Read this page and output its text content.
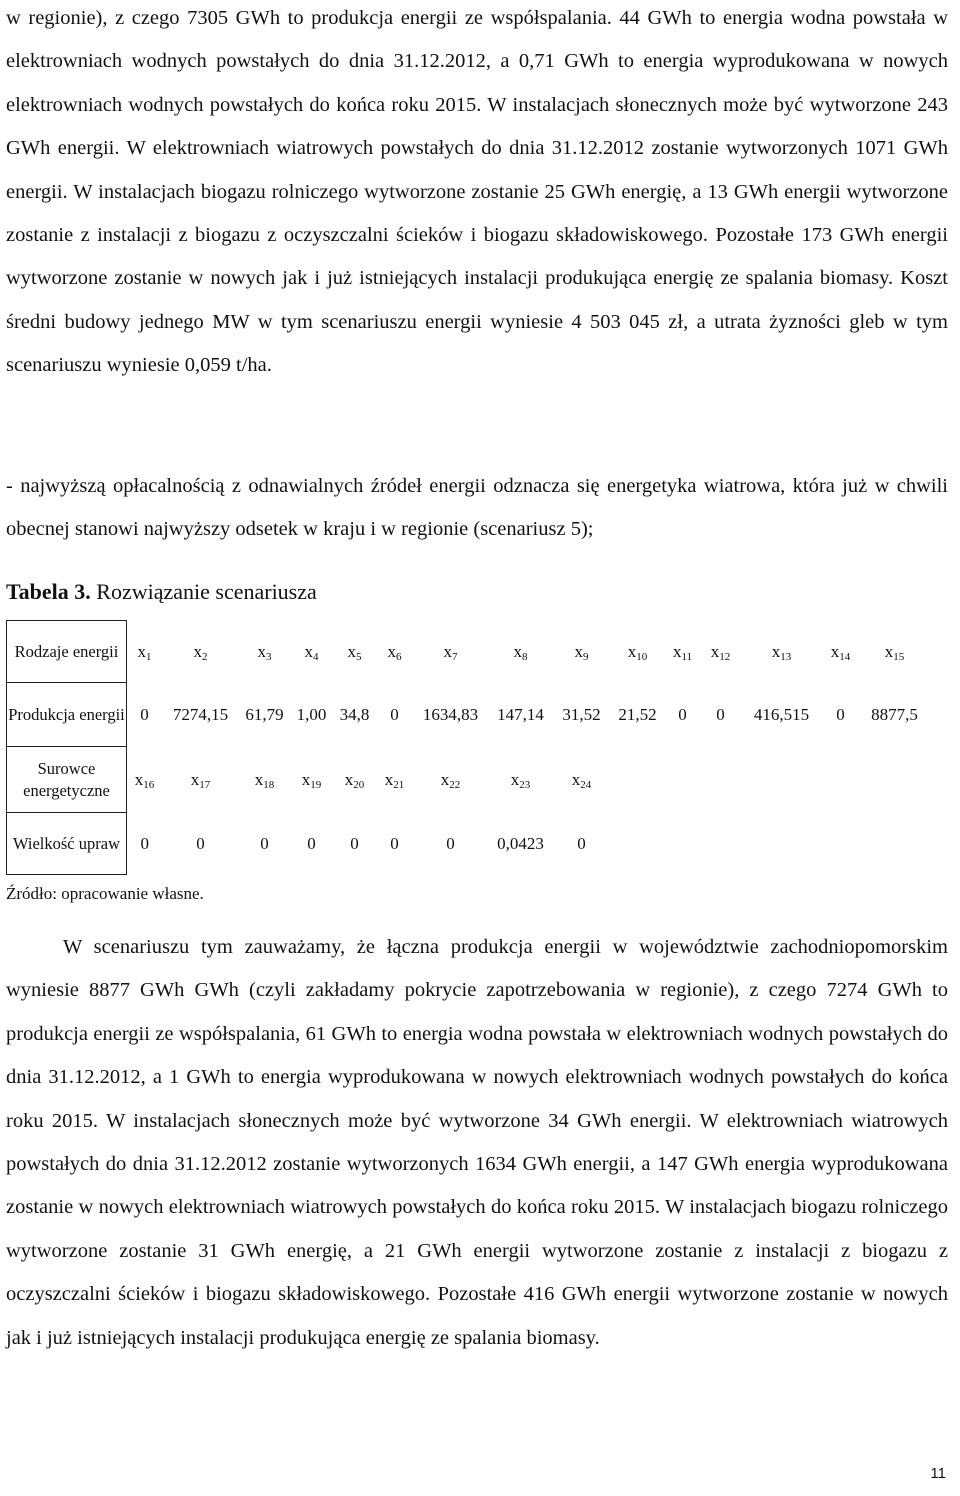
w regionie), z czego 7305 GWh to produkcja energii ze współspalania. 44 GWh to energia wodna powstała w elektrowniach wodnych powstałych do dnia 31.12.2012, a 0,71 GWh to energia wyprodukowana w nowych elektrowniach wodnych powstałych do końca roku 2015. W instalacjach słonecznych może być wytworzone 243 GWh energii. W elektrowniach wiatrowych powstałych do dnia 31.12.2012 zostanie wytworzonych 1071 GWh energii. W instalacjach biogazu rolniczego wytworzone zostanie 25 GWh energię, a 13 GWh energii wytworzone zostanie z instalacji z biogazu z oczyszczalni ścieków i biogazu składowiskowego. Pozostałe 173 GWh energii wytworzone zostanie w nowych jak i już istniejących instalacji produkująca energię ze spalania biomasy. Koszt średni budowy jednego MW w tym scenariuszu energii wyniesie 4 503 045 zł, a utrata żyzności gleb w tym scenariuszu wyniesie 0,059 t/ha.

- najwyższą opłacalnością z odnawialnych źródeł energii odznacza się energetyka wiatrowa, która już w chwili obecnej stanowi najwyższy odsetek w kraju i w regionie (scenariusz 5);

Tabela 3. Rozwiązanie scenariusza

Rodzaje energii	$x_1$	$x_2$	$x_3$	$x_4$	$x_5$	$x_6$	$x_7$	$x_8$	$x_9$	$x_{10}$	$x_{11}$	$x_{12}$	$x_{13}$	$x_{14}$	$x_{15}$
Produkcja energii	0	7274,15	61,79	1,00	34,8	0	1634,83	147,14	31,52	21,52	0	0	416,515	0	8877,5
Surowce energetyczne	$x_{16}$	$x_{17}$	$x_{18}$	$x_{19}$	$x_{20}$	$x_{21}$	$x_{22}$	$x_{23}$	$x_{24}$						
Wielkość upraw	0	0	0	0	0	0	0	0,0423	0						

Źródło: opracowanie własne.

W scenariuszu tym zauważamy, że łączna produkcja energii w województwie zachodniopomorskim wyniesie 8877 GWh GWh (czyli zakładamy pokrycie zapotrzebowania w regionie), z czego 7274 GWh to produkcja energii ze współspalania, 61 GWh to energia wodna powstała w elektrowniach wodnych powstałych do dnia 31.12.2012, a 1 GWh to energia wyprodukowana w nowych elektrowniach wodnych powstałych do końca roku 2015. W instalacjach słonecznych może być wytworzone 34 GWh energii. W elektrowniach wiatrowych powstałych do dnia 31.12.2012 zostanie wytworzonych 1634 GWh energii, a 147 GWh energia wyprodukowana zostanie w nowych elektrowniach wiatrowych powstałych do końca roku 2015. W instalacjach biogazu rolniczego wytworzone zostanie 31 GWh energię, a 21 GWh energii wytworzone zostanie z instalacji z biogazu z oczyszczalni ścieków i biogazu składowiskowego. Pozostałe 416 GWh energii wytworzone zostanie w nowych jak i już istniejących instalacji produkująca energię ze spalania biomasy.

11
